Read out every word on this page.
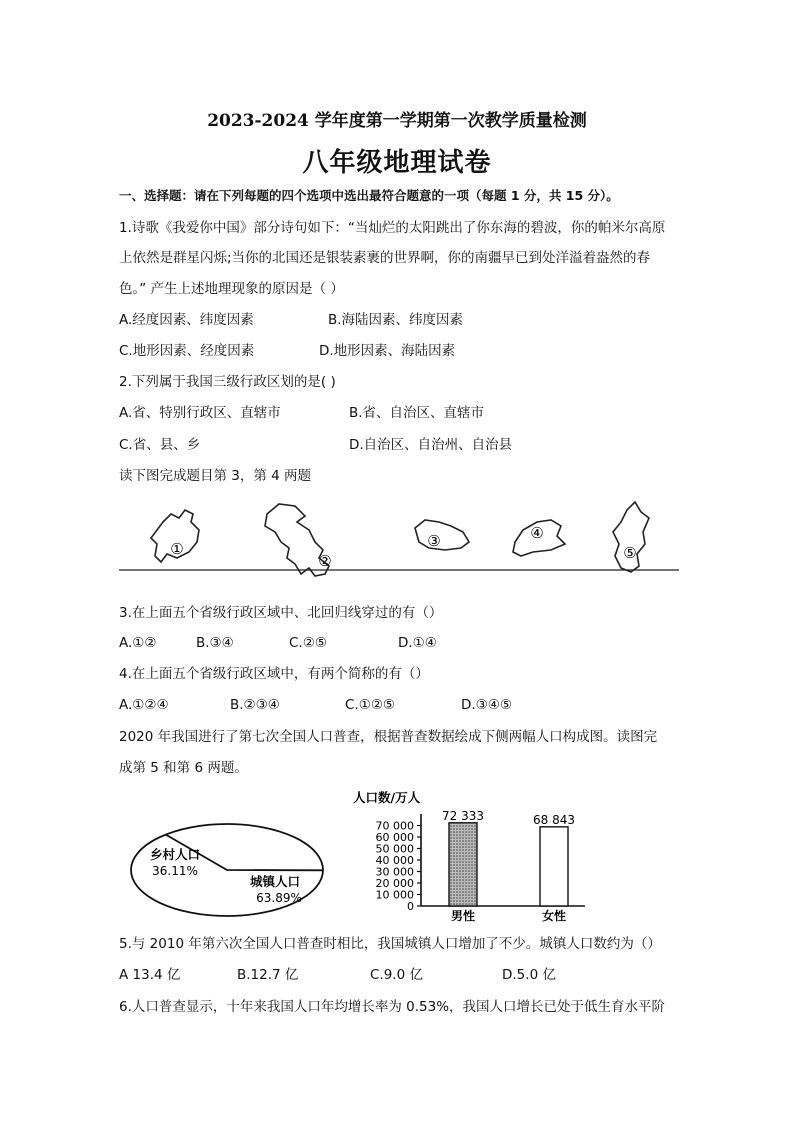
2023-2024 学年度第一学期第一次教学质量检测
八年级地理试卷
一、选择题：请在下列每题的四个选项中选出最符合题意的一项（每题 1 分，共 15 分）。
1.诗歌《我爱你中国》部分诗句如下：“当灿烂的太阳跳出了你东海的碧波，你的帕米尔高原
上依然是群星闪烁;当你的北国还是银装素裹的世界啊，你的南疆早已到处洋溢着盎然的春
色。” 产生上述地理现象的原因是（ ）
A.经度因素、纬度因素	B.海陆因素、纬度因素
C.地形因素、经度因素	D.地形因素、海陆因素
2.下列属于我国三级行政区划的是( )
A.省、特别行政区、直辖市	B.省、自治区、直辖市
C.省、县、乡	D.自治区、自治州、自治县
读下图完成题目第 3，第 4 两题
①
②
③	④
⑤
3.在上面五个省级行政区域中、北回归线穿过的有（）
A.①②	B.③④	C.②⑤	D.①④
4.在上面五个省级行政区域中，有两个简称的有（）
A.①②④	B.②③④	C.①②⑤	D.③④⑤
2020 年我国进行了第七次全国人口普查，根据普查数据绘成下侧两幅人口构成图。读图完
成第 5 和第 6 两题。
乡村人口
36.11%
城镇人口
63.89%
人口数/万人
0
10 000
20 000
30 000
40 000
50 000
60 000
70 000
72 333	68 843
男性	女性
5.与 2010 年第六次全国人口普查时相比，我国城镇人口增加了不少。城镇人口数约为（）
A 13.4 亿	B.12.7 亿	C.9.0 亿	D.5.0 亿
6.人口普查显示，十年来我国人口年均增长率为 0.53%，我国人口增长已处于低生育水平阶
